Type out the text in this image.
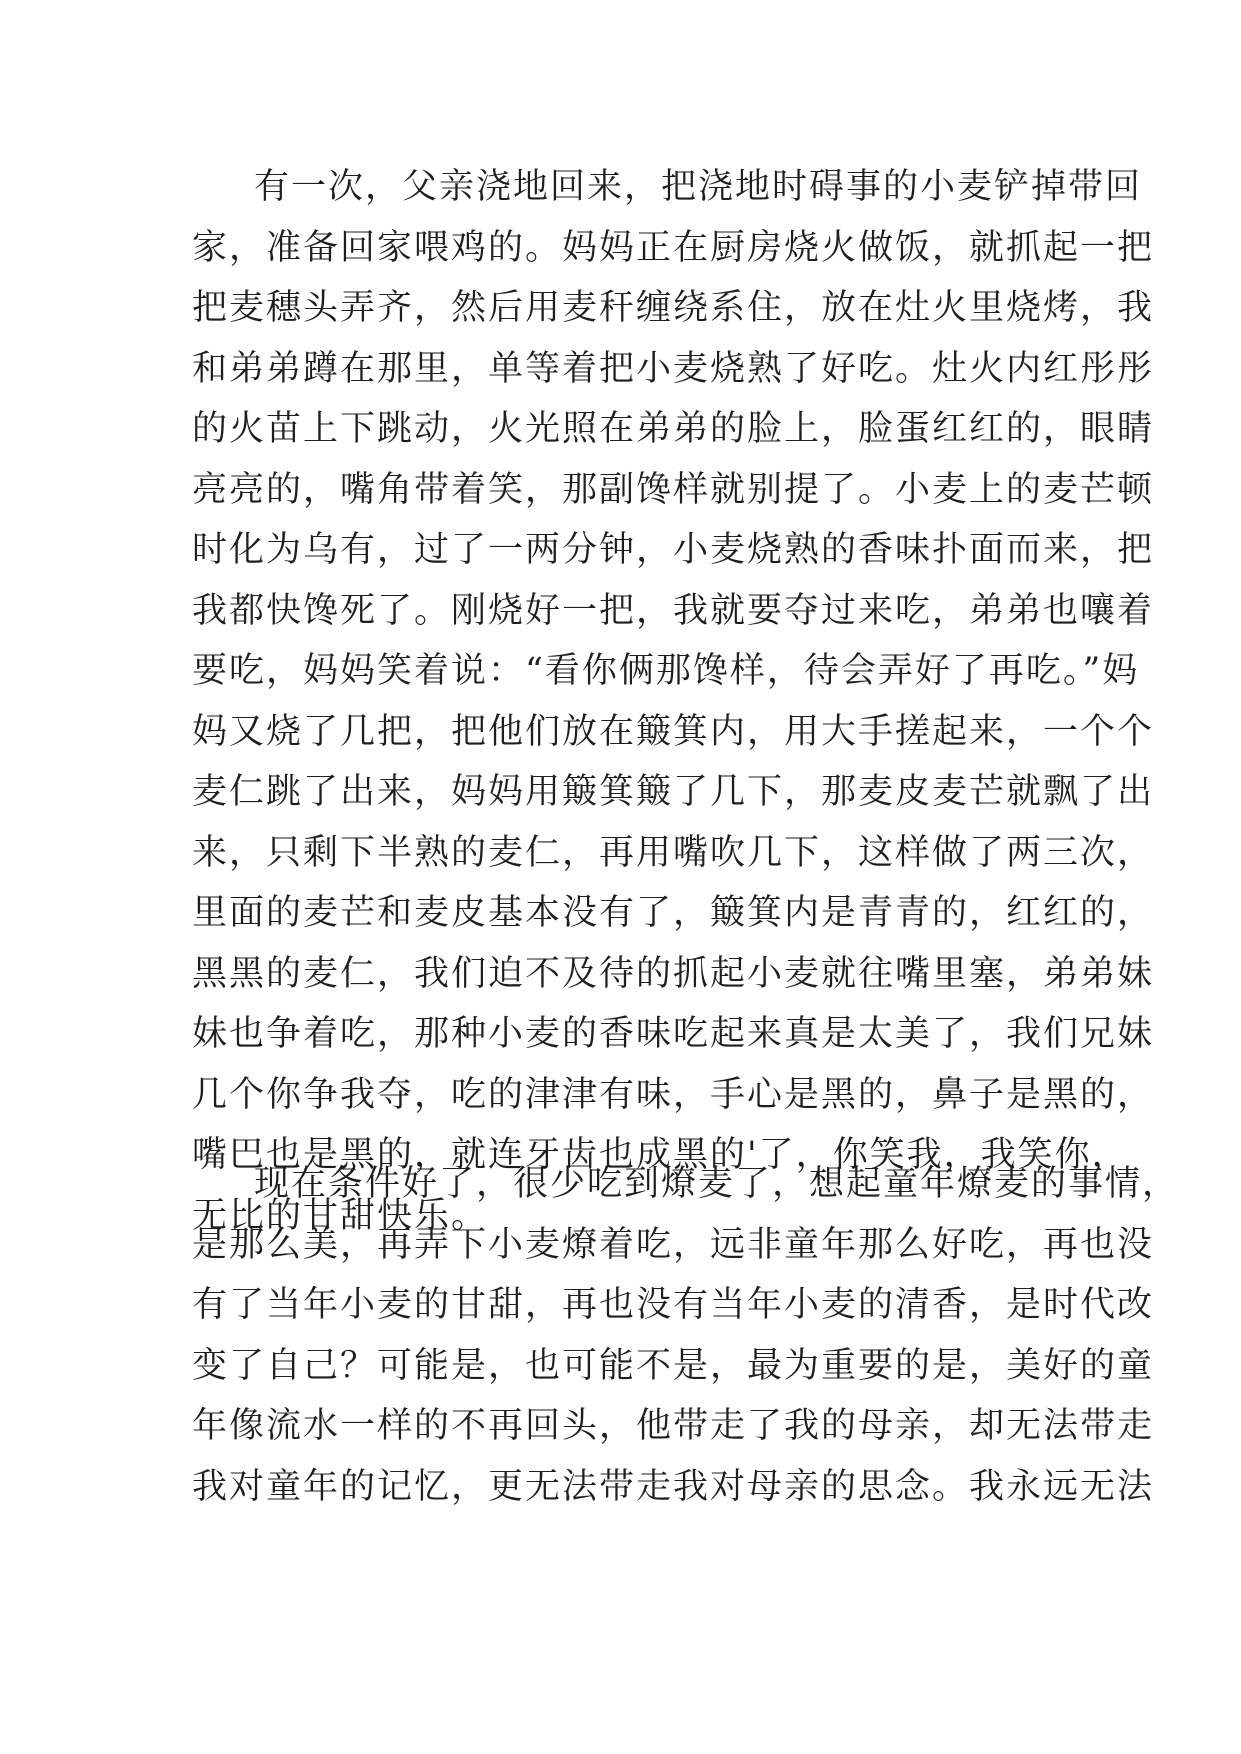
有一次，父亲浇地回来，把浇地时碍事的小麦铲掉带回
家，准备回家喂鸡的。妈妈正在厨房烧火做饭，就抓起一把
把麦穗头弄齐，然后用麦秆缠绕系住，放在灶火里烧烤，我
和弟弟蹲在那里，单等着把小麦烧熟了好吃。灶火内红彤彤
的火苗上下跳动，火光照在弟弟的脸上，脸蛋红红的，眼睛
亮亮的，嘴角带着笑，那副馋样就别提了。小麦上的麦芒顿
时化为乌有，过了一两分钟，小麦烧熟的香味扑面而来，把
我都快馋死了。刚烧好一把，我就要夺过来吃，弟弟也嚷着
要吃，妈妈笑着说：“看你俩那馋样，待会弄好了再吃。”妈
妈又烧了几把，把他们放在簸箕内，用大手搓起来，一个个
麦仁跳了出来，妈妈用簸箕簸了几下，那麦皮麦芒就飘了出
来，只剩下半熟的麦仁，再用嘴吹几下，这样做了两三次，
里面的麦芒和麦皮基本没有了，簸箕内是青青的，红红的，
黑黑的麦仁，我们迫不及待的抓起小麦就往嘴里塞，弟弟妹
妹也争着吃，那种小麦的香味吃起来真是太美了，我们兄妹
几个你争我夺，吃的津津有味，手心是黑的，鼻子是黑的，
嘴巴也是黑的，就连牙齿也成黑的'了，你笑我，我笑你，
无比的甘甜快乐。
现在条件好了，很少吃到燎麦了，想起童年燎麦的事情，
是那么美，再弄下小麦燎着吃，远非童年那么好吃，再也没
有了当年小麦的甘甜，再也没有当年小麦的清香，是时代改
变了自己？可能是，也可能不是，最为重要的是，美好的童
年像流水一样的不再回头，他带走了我的母亲，却无法带走
我对童年的记忆，更无法带走我对母亲的思念。我永远无法
